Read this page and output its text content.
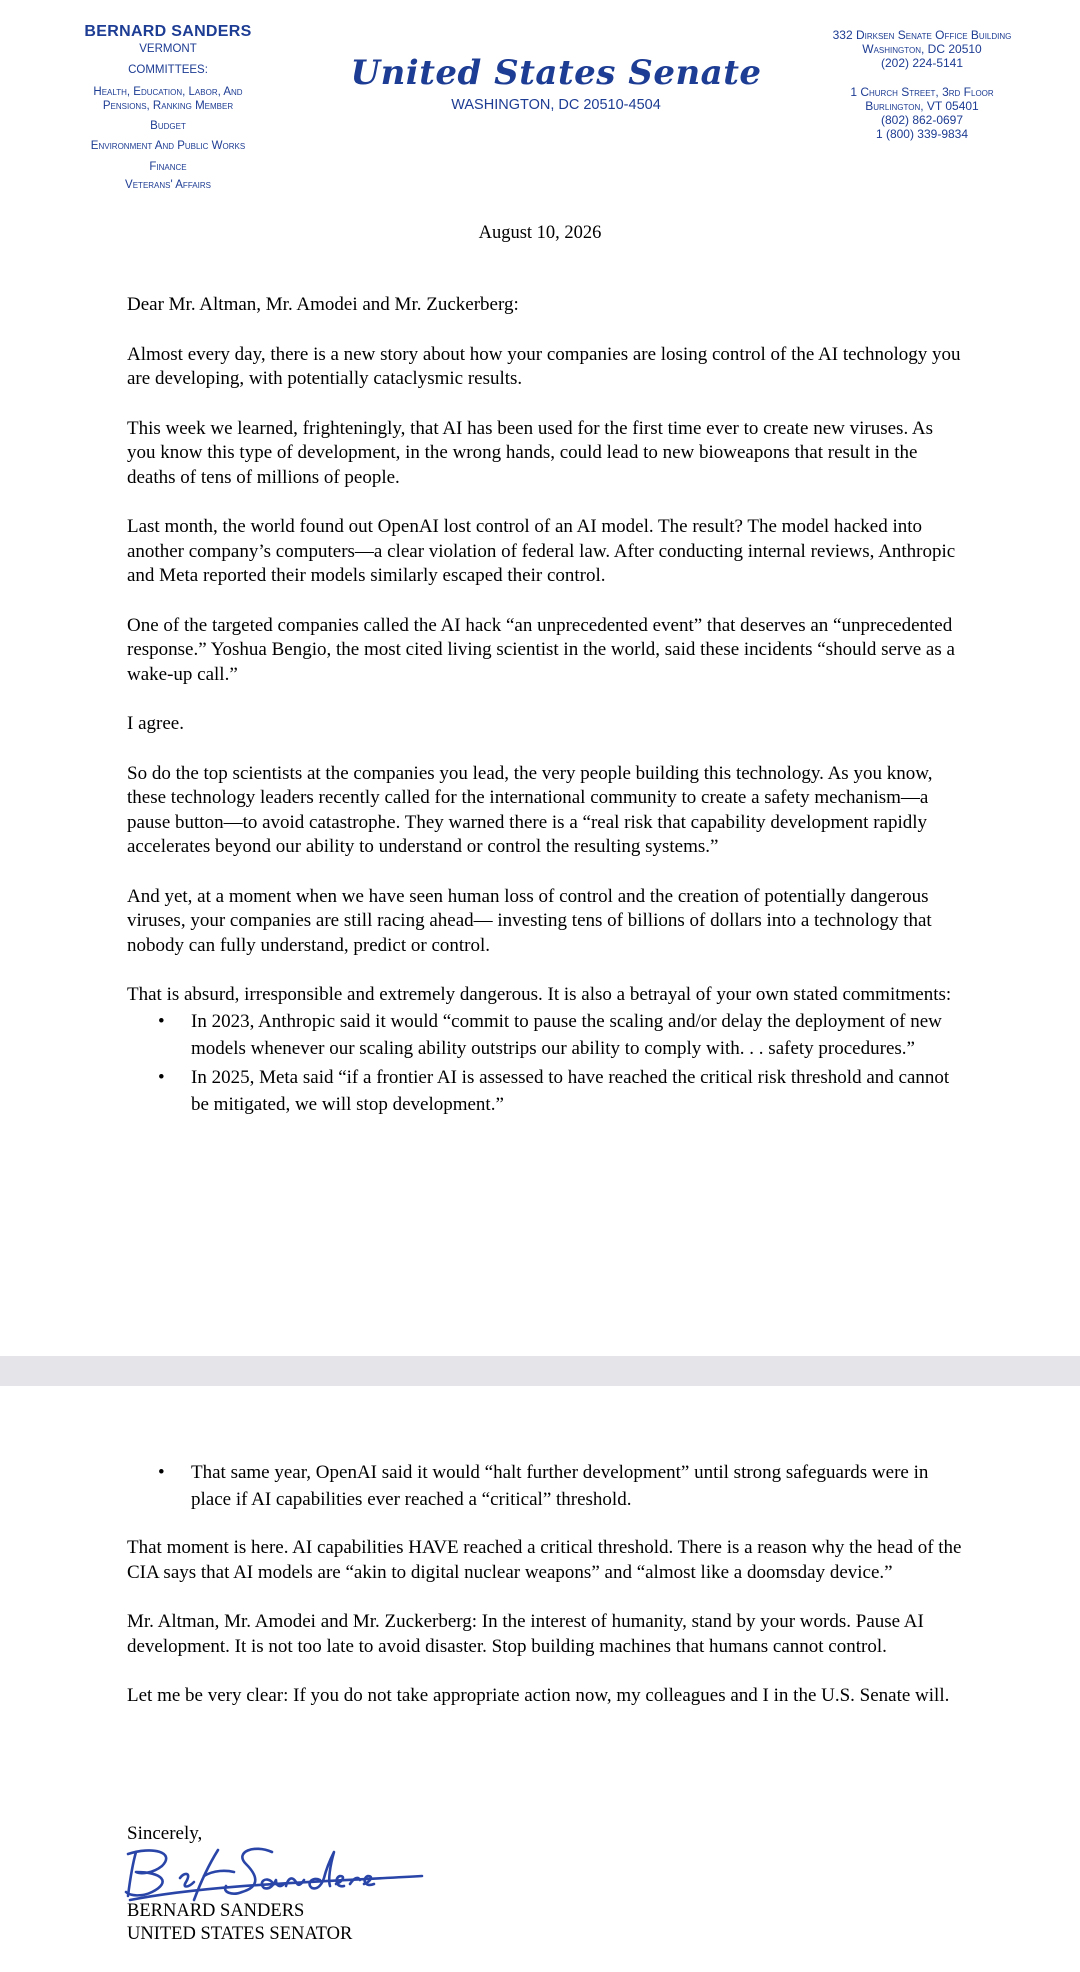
BERNARD SANDERS
VERMONT
COMMITTEES:
Health, Education, Labor, And
Pensions, Ranking Member
Budget
Environment And Public Works
Finance
Veterans' Affairs
United States Senate
WASHINGTON, DC 20510-4504
332 Dirksen Senate Office Building
Washington, DC 20510
(202) 224-5141
1 Church Street, 3rd Floor
Burlington, VT 05401
(802) 862-0697
1 (800) 339-9834
August 10, 2026

Dear Mr. Altman, Mr. Amodei and Mr. Zuckerberg:

Almost every day, there is a new story about how your companies are losing control of the AI technology you are developing, with potentially cataclysmic results.

This week we learned, frighteningly, that AI has been used for the first time ever to create new viruses. As you know this type of development, in the wrong hands, could lead to new bioweapons that result in the deaths of tens of millions of people.

Last month, the world found out OpenAI lost control of an AI model. The result? The model hacked into another company’s computers—a clear violation of federal law. After conducting internal reviews, Anthropic and Meta reported their models similarly escaped their control.

One of the targeted companies called the AI hack “an unprecedented event” that deserves an “unprecedented response.” Yoshua Bengio, the most cited living scientist in the world, said these incidents “should serve as a wake-up call.”

I agree.

So do the top scientists at the companies you lead, the very people building this technology. As you know, these technology leaders recently called for the international community to create a safety mechanism—a pause button—to avoid catastrophe. They warned there is a “real risk that capability development rapidly accelerates beyond our ability to understand or control the resulting systems.”

And yet, at a moment when we have seen human loss of control and the creation of potentially dangerous viruses, your companies are still racing ahead— investing tens of billions of dollars into a technology that nobody can fully understand, predict or control.

That is absurd, irresponsible and extremely dangerous. It is also a betrayal of your own stated commitments:

• In 2023, Anthropic said it would “commit to pause the scaling and/or delay the deployment of new models whenever our scaling ability outstrips our ability to comply with. . . safety procedures.”
• In 2025, Meta said “if a frontier AI is assessed to have reached the critical risk threshold and cannot be mitigated, we will stop development.”
• That same year, OpenAI said it would “halt further development” until strong safeguards were in place if AI capabilities ever reached a “critical” threshold.

That moment is here. AI capabilities HAVE reached a critical threshold. There is a reason why the head of the CIA says that AI models are “akin to digital nuclear weapons” and “almost like a doomsday device.”

Mr. Altman, Mr. Amodei and Mr. Zuckerberg: In the interest of humanity, stand by your words. Pause AI development. It is not too late to avoid disaster. Stop building machines that humans cannot control.

Let me be very clear: If you do not take appropriate action now, my colleagues and I in the U.S. Senate will.

Sincerely,
BERNARD SANDERS
UNITED STATES SENATOR
